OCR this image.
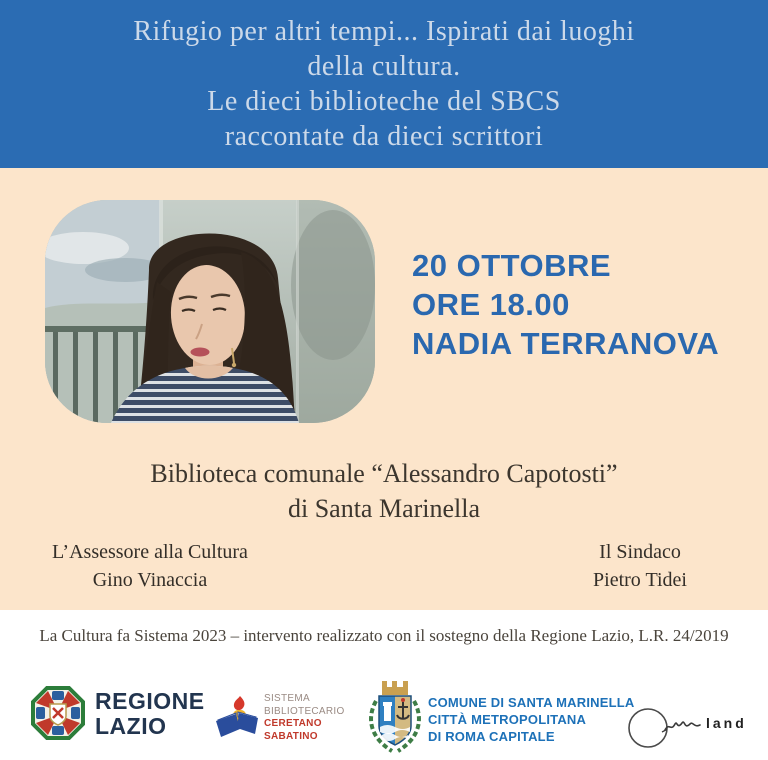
Rifugio per altri tempi... Ispirati dai luoghi
della cultura.
Le dieci biblioteche del SBCS
raccontate da dieci scrittori
20 OTTOBRE
ORE 18.00
NADIA TERRANOVA
Biblioteca comunale “Alessandro Capotosti”
di Santa Marinella
L’Assessore alla Cultura
Gino Vinaccia
Il Sindaco
Pietro Tidei
La Cultura fa Sistema 2023 – intervento realizzato con il sostegno della Regione Lazio, L.R. 24/2019
REGIONE
LAZIO
SISTEMA
BIBLIOTECARIO
CERETANO
SABATINO
COMUNE DI SANTA MARINELLA
CITTÀ METROPOLITANA
DI ROMA CAPITALE
land
